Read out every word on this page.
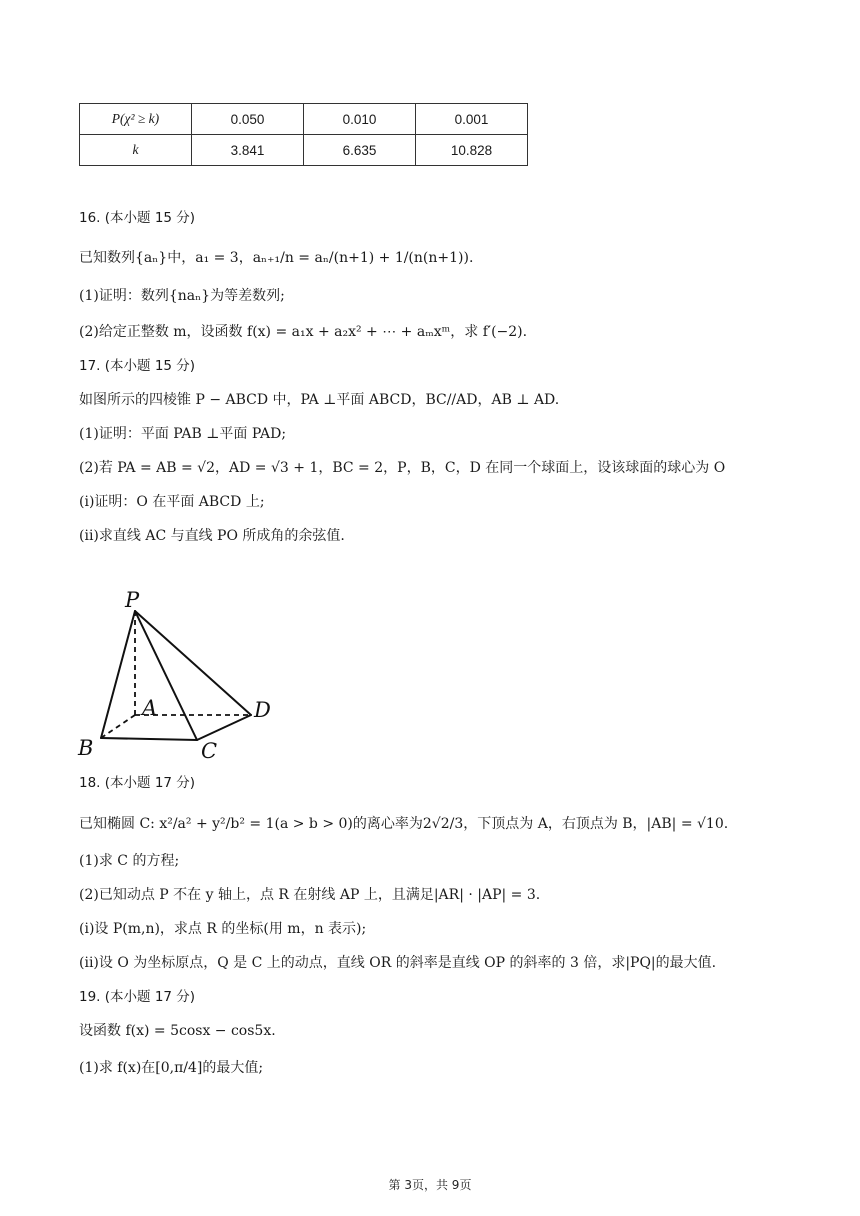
P(χ² ≥ k)	0.050	0.010	0.001
k	3.841	6.635	10.828
16. (本小题 15 分)
已知数列{aₙ}中，a₁ = 3，aₙ₊₁/n = aₙ/(n+1) + 1/(n(n+1)).
(1)证明：数列{naₙ}为等差数列;
(2)给定正整数 m，设函数 f(x) = a₁x + a₂x² + ⋯ + aₘxᵐ，求 f′(−2).
17. (本小题 15 分)
如图所示的四棱锥 P − ABCD 中，PA ⊥平面 ABCD，BC//AD，AB ⊥ AD.
(1)证明：平面 PAB ⊥平面 PAD;
(2)若 PA = AB = √2，AD = √3 + 1，BC = 2，P，B，C，D 在同一个球面上，设该球面的球心为 O
(i)证明：O 在平面 ABCD 上;
(ii)求直线 AC 与直线 PO 所成角的余弦值.
P
A
B	C
D
18. (本小题 17 分)
已知椭圆 C: x²/a² + y²/b² = 1(a > b > 0)的离心率为2√2/3，下顶点为 A，右顶点为 B，|AB| = √10.
(1)求 C 的方程;
(2)已知动点 P 不在 y 轴上，点 R 在射线 AP 上，且满足|AR| · |AP| = 3.
(i)设 P(m,n)，求点 R 的坐标(用 m，n 表示);
(ii)设 O 为坐标原点，Q 是 C 上的动点，直线 OR 的斜率是直线 OP 的斜率的 3 倍，求|PQ|的最大值.
19. (本小题 17 分)
设函数 f(x) = 5cosx − cos5x.
(1)求 f(x)在[0,π/4]的最大值;
第 3页，共 9页
